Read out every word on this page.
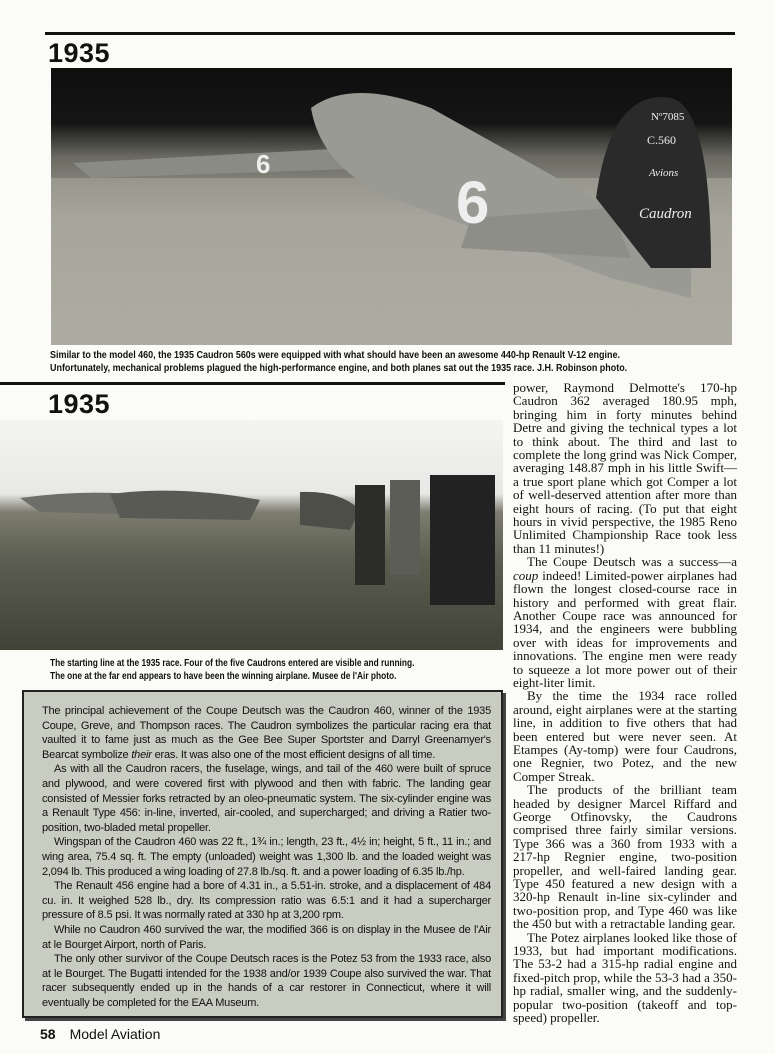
1935
6
6
Nº7085
C.560
Avions
Caudron
Similar to the model 460, the 1935 Caudron 560s were equipped with what should have been an awesome 440-hp Renault V-12 engine.
Unfortunately, mechanical problems plagued the high-performance engine, and both planes sat out the 1935 race. J.H. Robinson photo.
1935
The starting line at the 1935 race. Four of the five Caudrons entered are visible and running.
The one at the far end appears to have been the winning airplane. Musee de l'Air photo.

The principal achievement of the Coupe Deutsch was the Caudron 460, winner of the 1935 Coupe, Greve, and Thompson races. The Caudron symbolizes the particular racing era that vaulted it to fame just as much as the Gee Bee Super Sportster and Darryl Greenamyer's Bearcat symbolize their eras. It was also one of the most efficient designs of all time.

As with all the Caudron racers, the fuselage, wings, and tail of the 460 were built of spruce and plywood, and were covered first with plywood and then with fabric. The landing gear consisted of Messier forks retracted by an oleo-pneumatic system. The six-cylinder engine was a Renault Type 456: in-line, inverted, air-cooled, and supercharged; and driving a Ratier two-position, two-bladed metal propeller.

Wingspan of the Caudron 460 was 22 ft., 1¾ in.; length, 23 ft., 4½ in; height, 5 ft., 11 in.; and wing area, 75.4 sq. ft. The empty (unloaded) weight was 1,300 lb. and the loaded weight was 2,094 lb. This produced a wing loading of 27.8 lb./sq. ft. and a power loading of 6.35 lb./hp.

The Renault 456 engine had a bore of 4.31 in., a 5.51-in. stroke, and a displacement of 484 cu. in. It weighed 528 lb., dry. Its compression ratio was 6.5:1 and it had a supercharger pressure of 8.5 psi. It was normally rated at 330 hp at 3,200 rpm.

While no Caudron 460 survived the war, the modified 366 is on display in the Musee de l'Air at le Bourget Airport, north of Paris.

The only other survivor of the Coupe Deutsch races is the Potez 53 from the 1933 race, also at le Bourget. The Bugatti intended for the 1938 and/or 1939 Coupe also survived the war. That racer subsequently ended up in the hands of a car restorer in Connecticut, where it will eventually be completed for the EAA Museum.

power, Raymond Delmotte's 170-hp Caudron 362 averaged 180.95 mph, bringing him in forty minutes behind Detre and giving the technical types a lot to think about. The third and last to complete the long grind was Nick Comper, averaging 148.87 mph in his little Swift—a true sport plane which got Comper a lot of well-deserved attention after more than eight hours of racing. (To put that eight hours in vivid perspective, the 1985 Reno Unlimited Championship Race took less than 11 minutes!)

The Coupe Deutsch was a success—a coup indeed! Limited-power airplanes had flown the longest closed-course race in history and performed with great flair. Another Coupe race was announced for 1934, and the engineers were bubbling over with ideas for improvements and innovations. The engine men were ready to squeeze a lot more power out of their eight-liter limit.

By the time the 1934 race rolled around, eight airplanes were at the starting line, in addition to five others that had been entered but were never seen. At Etampes (Ay-tomp) were four Caudrons, one Regnier, two Potez, and the new Comper Streak.

The products of the brilliant team headed by designer Marcel Riffard and George Otfinovsky, the Caudrons comprised three fairly similar versions. Type 366 was a 360 from 1933 with a 217-hp Regnier engine, two-position propeller, and well-faired landing gear. Type 450 featured a new design with a 320-hp Renault in-line six-cylinder and two-position prop, and Type 460 was like the 450 but with a retractable landing gear.

The Potez airplanes looked like those of 1933, but had important modifications. The 53-2 had a 315-hp radial engine and fixed-pitch prop, while the 53-3 had a 350-hp radial, smaller wing, and the suddenly-popular two-position (takeoff and top-speed) propeller.

58 Model Aviation
